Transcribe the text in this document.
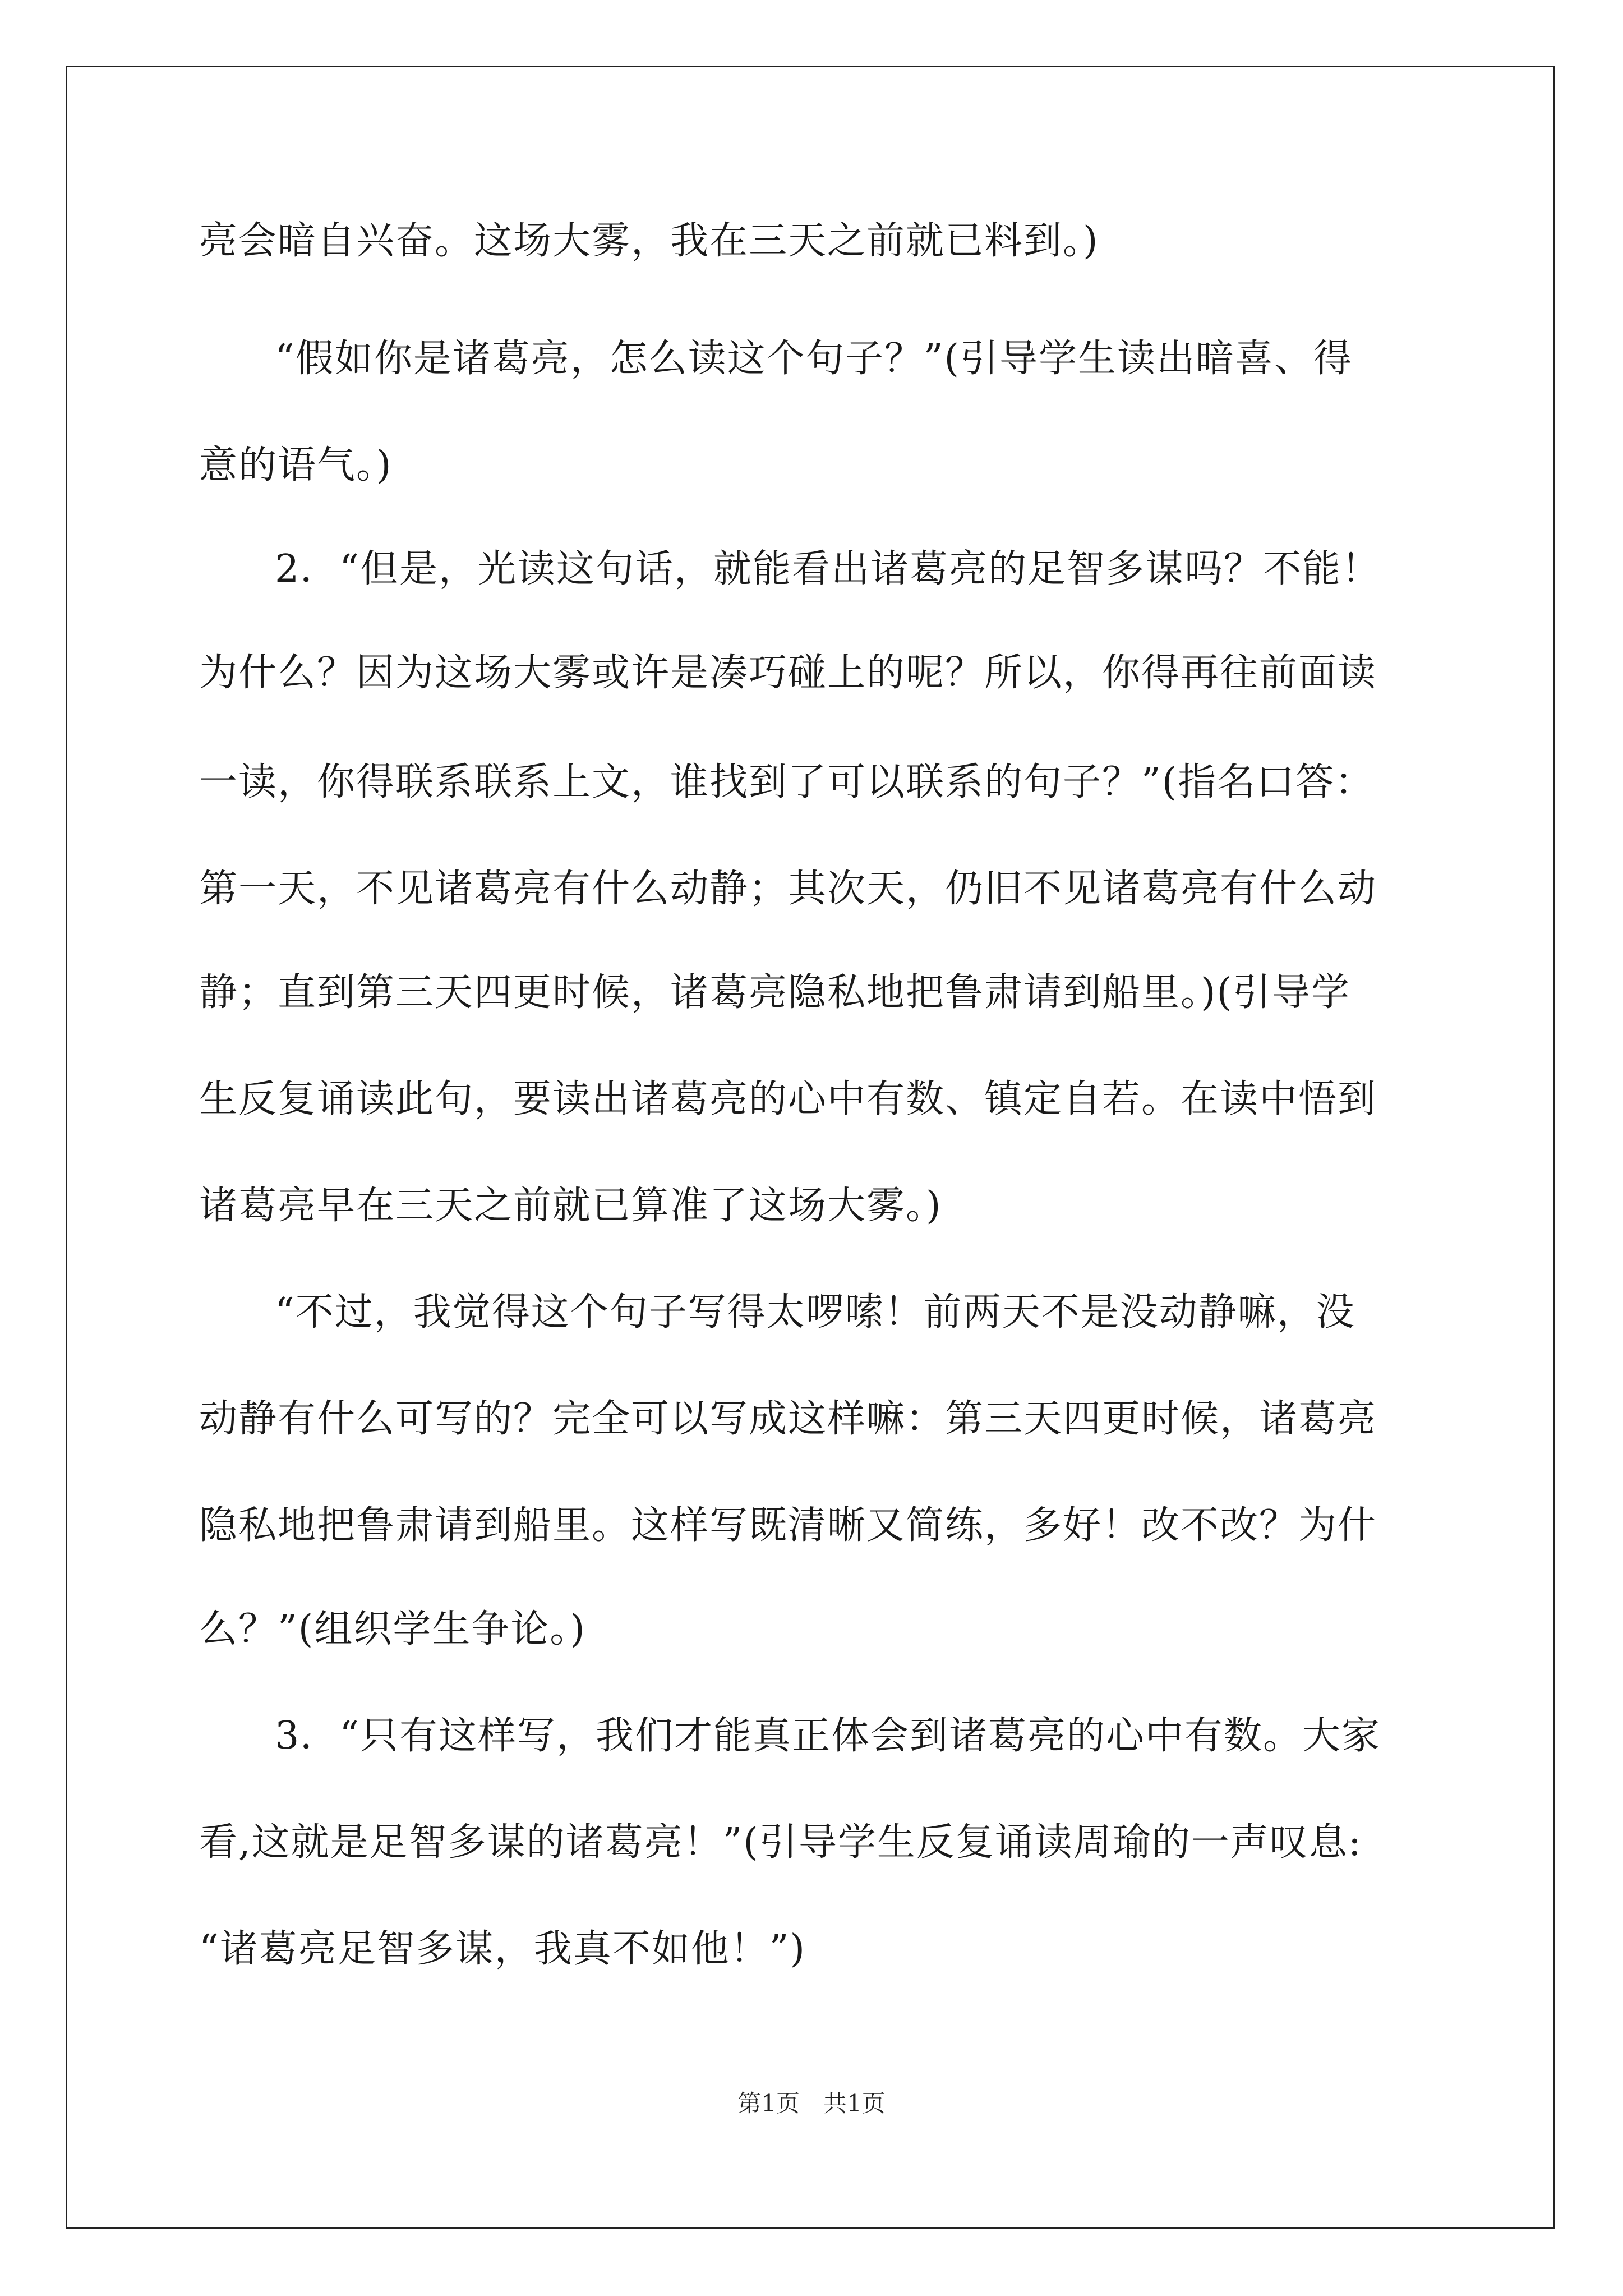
亮会暗自兴奋。这场大雾，我在三天之前就已料到。)
“假如你是诸葛亮，怎么读这个句子？”(引导学生读出暗喜、得
意的语气。)
2．“但是，光读这句话，就能看出诸葛亮的足智多谋吗？不能！
为什么？因为这场大雾或许是凑巧碰上的呢？所以，你得再往前面读
一读，你得联系联系上文，谁找到了可以联系的句子？”(指名口答：
第一天，不见诸葛亮有什么动静；其次天，仍旧不见诸葛亮有什么动
静；直到第三天四更时候，诸葛亮隐私地把鲁肃请到船里。)(引导学
生反复诵读此句，要读出诸葛亮的心中有数、镇定自若。在读中悟到
诸葛亮早在三天之前就已算准了这场大雾。)
“不过，我觉得这个句子写得太啰嗦！前两天不是没动静嘛，没
动静有什么可写的？完全可以写成这样嘛：第三天四更时候，诸葛亮
隐私地把鲁肃请到船里。这样写既清晰又简练，多好！改不改？为什
么？”(组织学生争论。)
3．“只有这样写，我们才能真正体会到诸葛亮的心中有数。大家
看,这就是足智多谋的诸葛亮！”(引导学生反复诵读周瑜的一声叹息:
“诸葛亮足智多谋，我真不如他！”)
第1页　共1页
